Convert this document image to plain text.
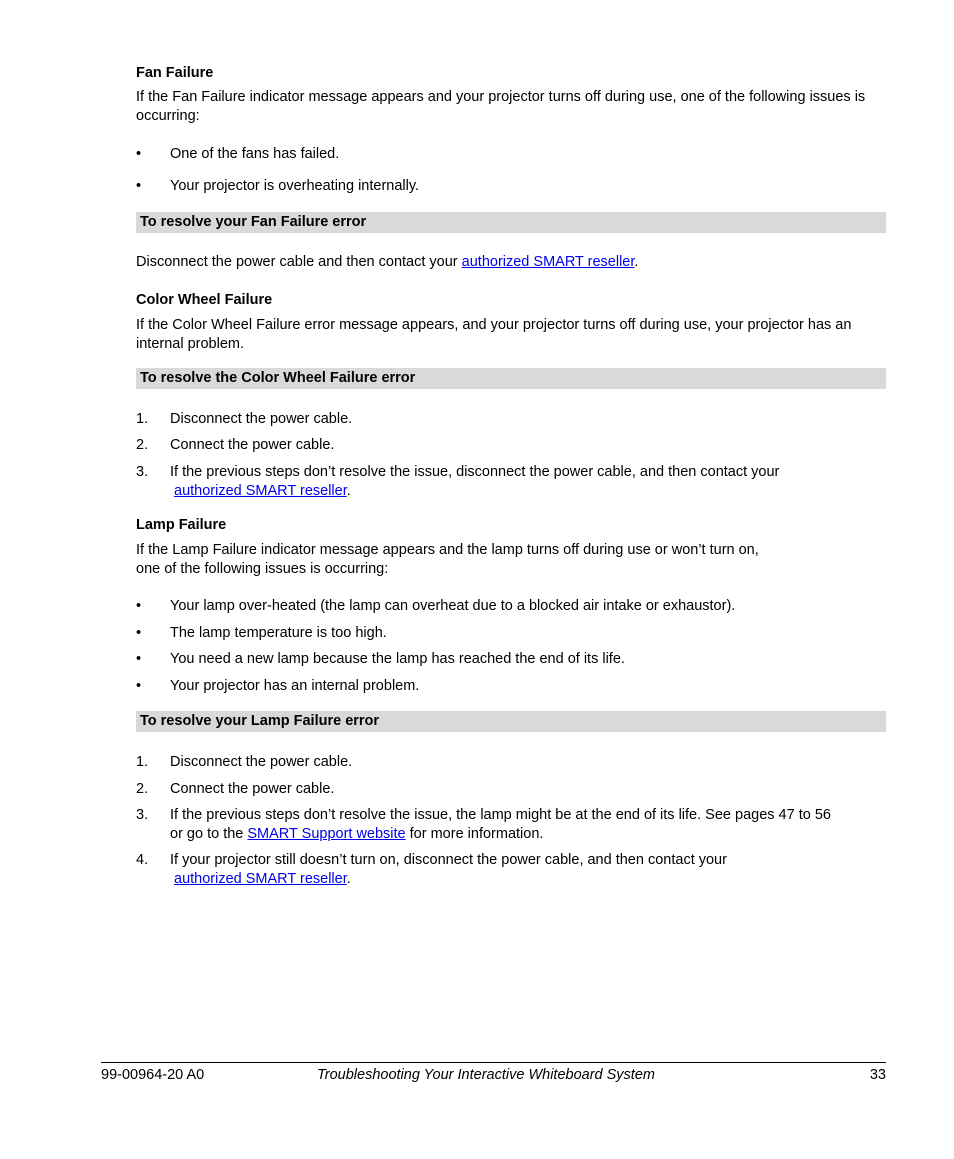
Fan Failure
If the Fan Failure indicator message appears and your projector turns off during use, one of the following issues is occurring:
• One of the fans has failed.
• Your projector is overheating internally.
To resolve your Fan Failure error
Disconnect the power cable and then contact your authorized SMART reseller.
Color Wheel Failure
If the Color Wheel Failure error message appears, and your projector turns off during use, your projector has an internal problem.
To resolve the Color Wheel Failure error
1. Disconnect the power cable.
2. Connect the power cable.
3. If the previous steps don’t resolve the issue, disconnect the power cable, and then contact your
authorized SMART reseller.
Lamp Failure
If the Lamp Failure indicator message appears and the lamp turns off during use or won’t turn on,
one of the following issues is occurring:
• Your lamp over-heated (the lamp can overheat due to a blocked air intake or exhaustor).
• The lamp temperature is too high.
• You need a new lamp because the lamp has reached the end of its life.
• Your projector has an internal problem.
To resolve your Lamp Failure error
1. Disconnect the power cable.
2. Connect the power cable.
3. If the previous steps don’t resolve the issue, the lamp might be at the end of its life. See pages 47 to 56
or go to the SMART Support website for more information.
4. If your projector still doesn’t turn on, disconnect the power cable, and then contact your
authorized SMART reseller.
99-00964-20 A0	Troubleshooting Your Interactive Whiteboard System	33
